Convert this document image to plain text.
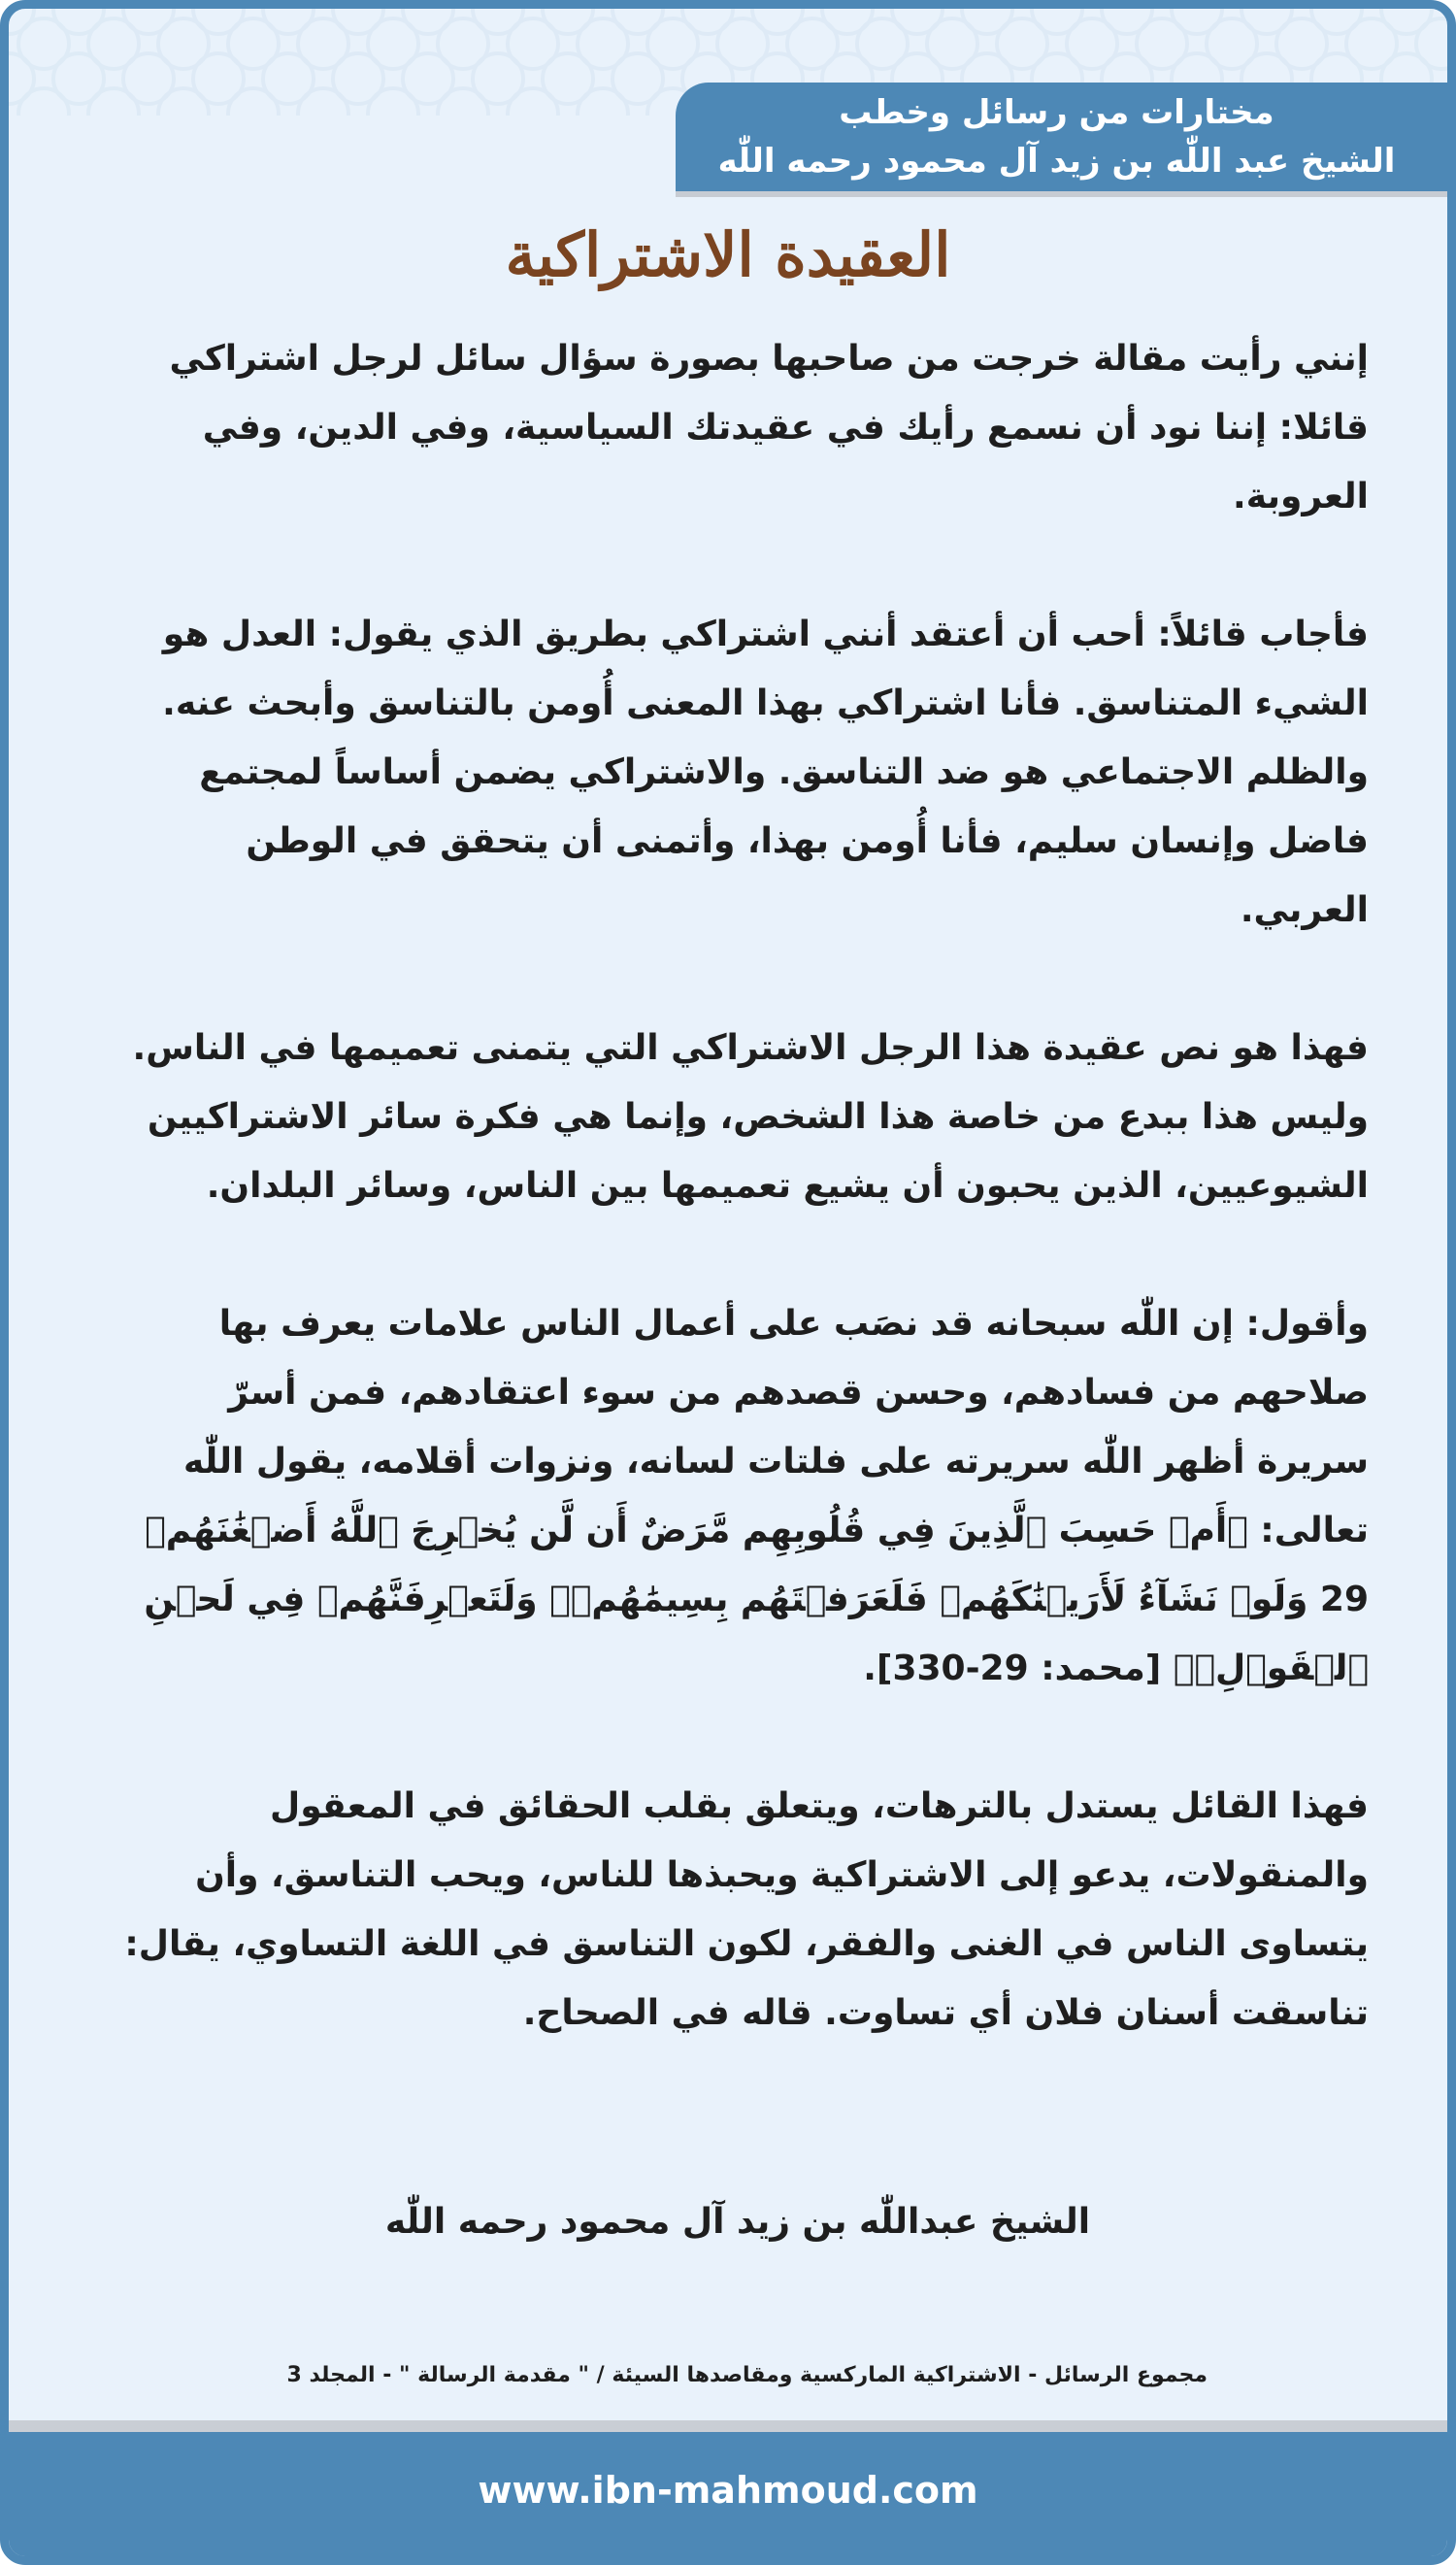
مختارات من رسائل وخطب
الشيخ عبد اللّٰه بن زيد آل محمود رحمه اللّٰه
العقيدة الاشتراكية

إنني رأيت مقالة خرجت من صاحبها بصورة سؤال سائل لرجل اشتراكي قائلا: إننا نود أن نسمع رأيك في عقيدتك السياسية، وفي الدين، وفي العروبة.

فأجاب قائلاً: أحب أن أعتقد أنني اشتراكي بطريق الذي يقول: العدل هو الشيء المتناسق. فأنا اشتراكي بهذا المعنى أُومن بالتناسق وأبحث عنه. والظلم الاجتماعي هو ضد التناسق. والاشتراكي يضمن أساساً لمجتمع فاضل وإنسان سليم، فأنا أُومن بهذا، وأتمنى أن يتحقق في الوطن العربي.

فهذا هو نص عقيدة هذا الرجل الاشتراكي التي يتمنى تعميمها في الناس. وليس هذا ببدع من خاصة هذا الشخص، وإنما هي فكرة سائر الاشتراكيين الشيوعيين، الذين يحبون أن يشيع تعميمها بين الناس، وسائر البلدان.

وأقول: إن اللّٰه سبحانه قد نصَب على أعمال الناس علامات يعرف بها صلاحهم من فسادهم، وحسن قصدهم من سوء اعتقادهم، فمن أسرّ سريرة أظهر اللّٰه سريرته على فلتات لسانه، ونزوات أقلامه، يقول اللّٰه تعالى: ﴿أَمۡ حَسِبَ ٱلَّذِينَ فِي قُلُوبِهِم مَّرَضٌ أَن لَّن يُخۡرِجَ ٱللَّهُ أَضۡغَٰنَهُمۡ 29 وَلَوۡ نَشَآءُ لَأَرَيۡنَٰكَهُمۡ فَلَعَرَفۡتَهُم بِسِيمَٰهُمۡۚ وَلَتَعۡرِفَنَّهُمۡ فِي لَحۡنِ ٱلۡقَوۡلِۚ﴾ [محمد: 29-330].

فهذا القائل يستدل بالترهات، ويتعلق بقلب الحقائق في المعقول والمنقولات، يدعو إلى الاشتراكية ويحبذها للناس، ويحب التناسق، وأن يتساوى الناس في الغنى والفقر، لكون التناسق في اللغة التساوي، يقال: تناسقت أسنان فلان أي تساوت. قاله في الصحاح.

الشيخ عبداللّٰه بن زيد آل محمود رحمه اللّٰه
مجموع الرسائل - الاشتراكية الماركسية ومقاصدها السيئة / " مقدمة الرسالة " - المجلد 3
www.ibn-mahmoud.com
